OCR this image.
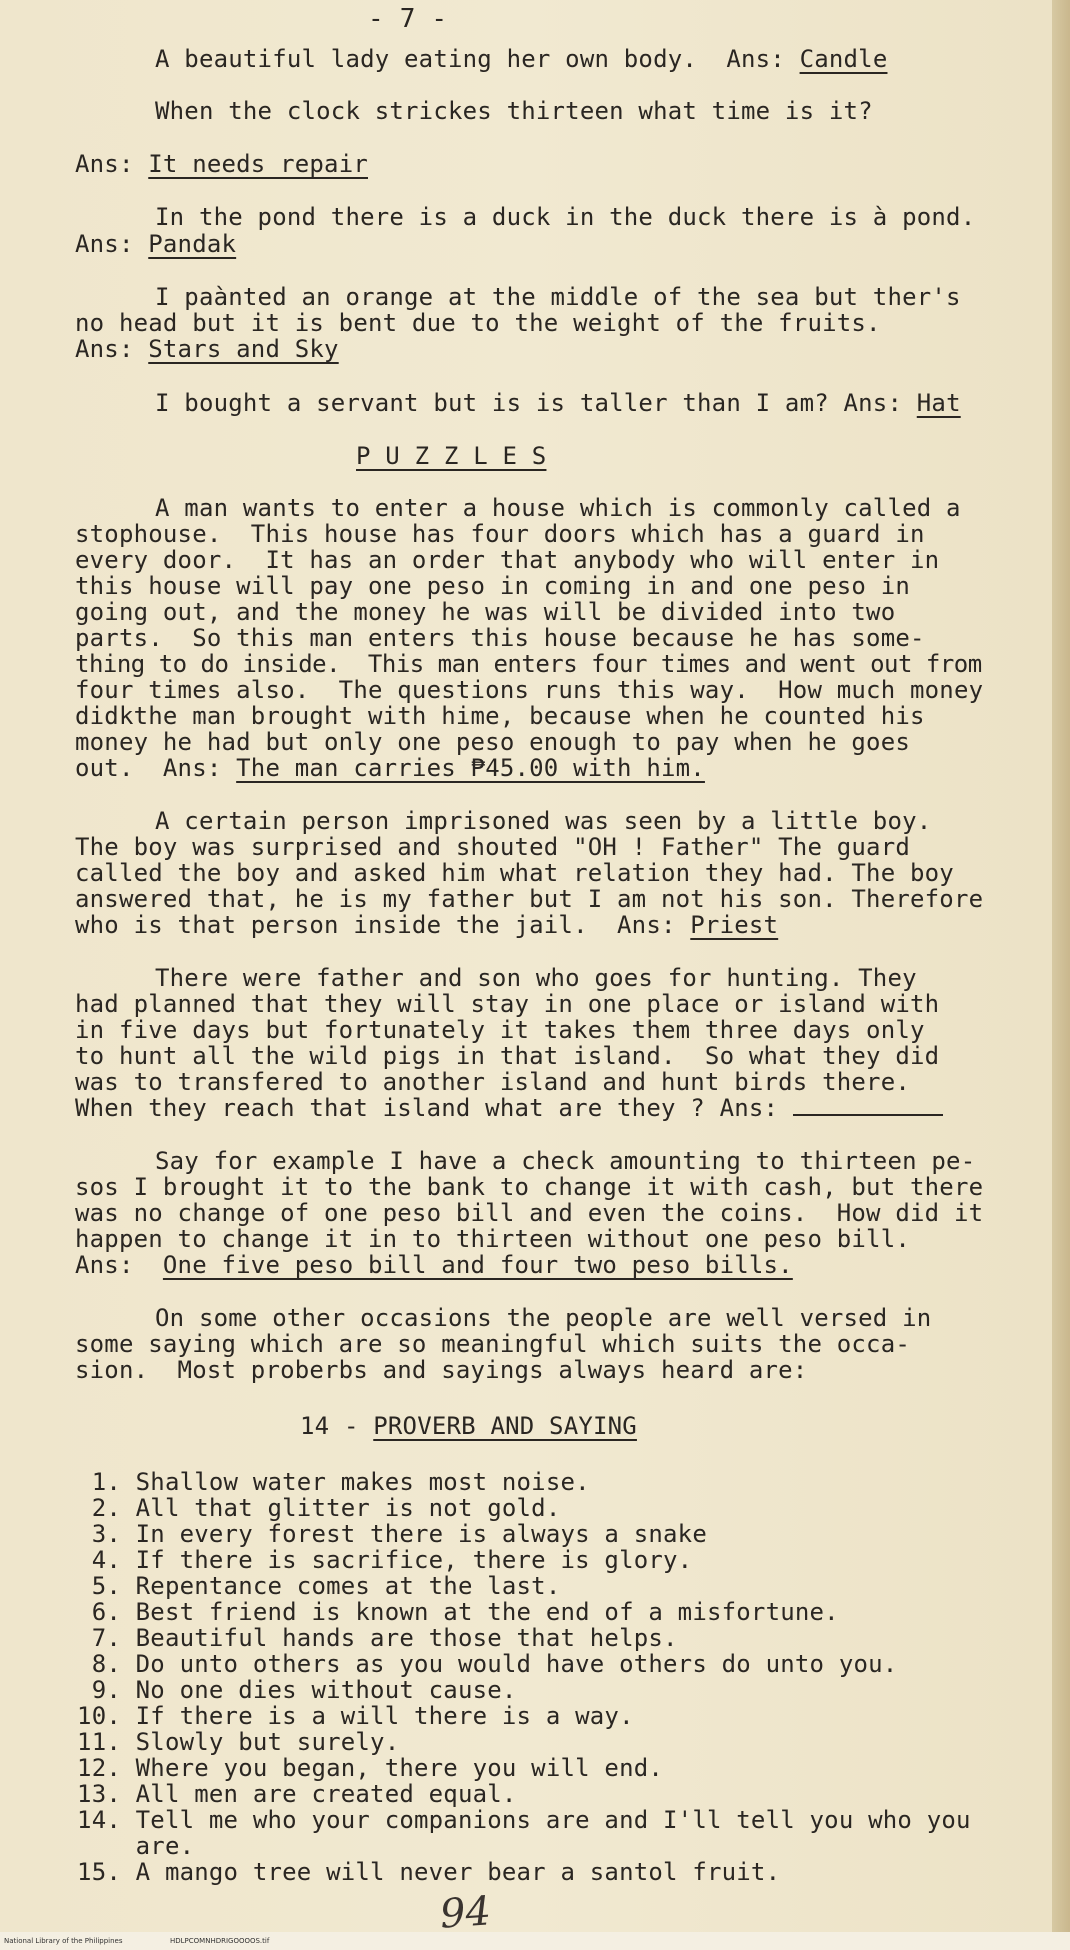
- 7 -
A beautiful lady eating her own body.  Ans: Candle
When the clock strickes thirteen what time is it?
Ans: It needs repair
In the pond there is a duck in the duck there is à pond.
Ans: Pandak
I paànted an orange at the middle of the sea but ther's
no head but it is bent due to the weight of the fruits.
Ans: Stars and Sky
I bought a servant but is is taller than I am? Ans: Hat
P U Z Z L E S
A man wants to enter a house which is commonly called a
stophouse.  This house has four doors which has a guard in
every door.  It has an order that anybody who will enter in
this house will pay one peso in coming in and one peso in
going out, and the money he was will be divided into two
parts.  So this man enters this house because he has some-
thing to do inside.  This man enters four times and went out from
four times also.  The questions runs this way.  How much money
didkthe man brought with hime, because when he counted his
money he had but only one peso enough to pay when he goes
out.  Ans: The man carries ₱45.00 with him.
A certain person imprisoned was seen by a little boy.
The boy was surprised and shouted "OH ! Father" The guard
called the boy and asked him what relation they had. The boy
answered that, he is my father but I am not his son. Therefore
who is that person inside the jail.  Ans: Priest
There were father and son who goes for hunting. They
had planned that they will stay in one place or island with
in five days but fortunately it takes them three days only
to hunt all the wild pigs in that island.  So what they did
was to transfered to another island and hunt birds there.
When they reach that island what are they ? Ans:
Say for example I have a check amounting to thirteen pe-
sos I brought it to the bank to change it with cash, but there
was no change of one peso bill and even the coins.  How did it
happen to change it in to thirteen without one peso bill.
Ans:  One five peso bill and four two peso bills.
On some other occasions the people are well versed in
some saying which are so meaningful which suits the occa-
sion.  Most proberbs and sayings always heard are:
14 - PROVERB AND SAYING
1. Shallow water makes most noise.
2. All that glitter is not gold.
3. In every forest there is always a snake
4. If there is sacrifice, there is glory.
5. Repentance comes at the last.
6. Best friend is known at the end of a misfortune.
7. Beautiful hands are those that helps.
8. Do unto others as you would have others do unto you.
9. No one dies without cause.
10. If there is a will there is a way.
11. Slowly but surely.
12. Where you began, there you will end.
13. All men are created equal.
14. Tell me who your companions are and I'll tell you who you
are.
15. A mango tree will never bear a santol fruit.
94
National Library of the Philippines	HDLPCOMNHDRIGOOOOS.tif
